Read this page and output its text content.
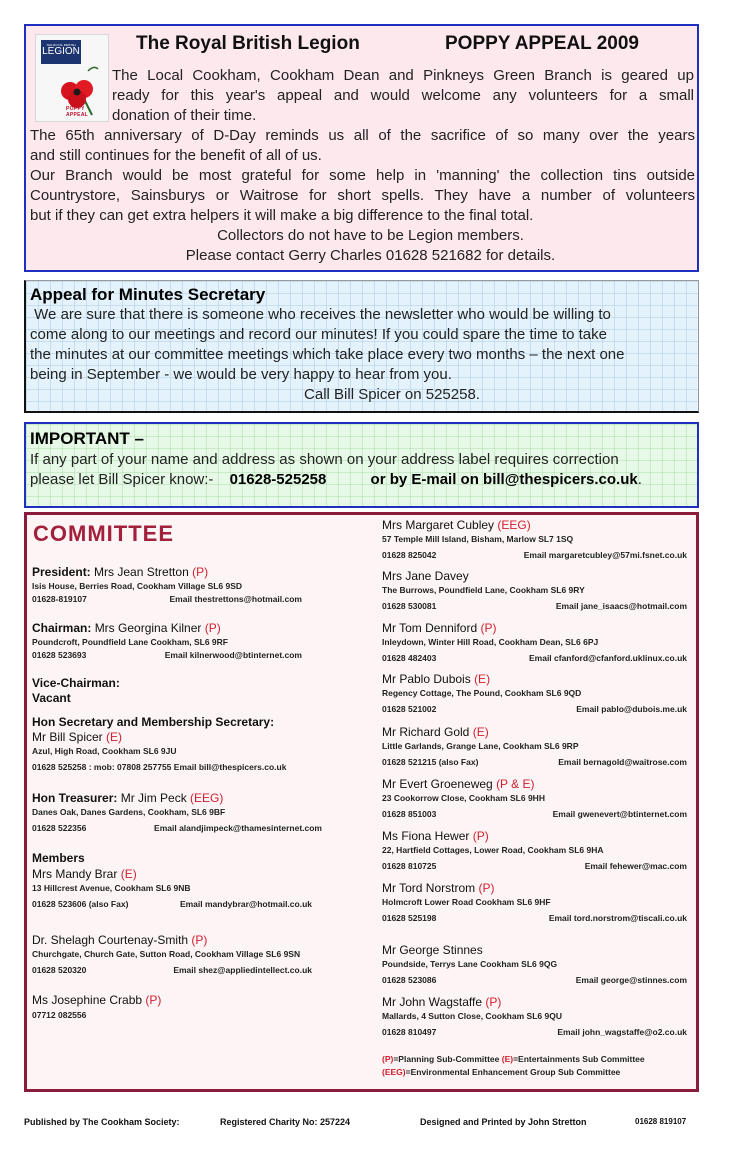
THE ROYAL BRITISH
LEGION
POPPY APPEAL
The Royal British Legion	POPPY APPEAL 2009
The Local Cookham, Cookham Dean and Pinkneys Green Branch is geared up
ready for this year's appeal and would welcome any volunteers for a small
donation of their time.
The 65th anniversary of D-Day reminds us all of the sacrifice of so many over the years
and still continues for the benefit of all of us.
Our Branch would be most grateful for some help in 'manning' the collection tins outside
Countrystore, Sainsburys or Waitrose for short spells. They have a number of volunteers
but if they can get extra helpers it will make a big difference to the final total.
Collectors do not have to be Legion members.
Please contact Gerry Charles 01628 521682 for details.
Appeal for Minutes Secretary
We are sure that there is someone who receives the newsletter who would be willing to
come along to our meetings and record our minutes! If you could spare the time to take
the minutes at our committee meetings which take place every two months – the next one
being in September - we would be very happy to hear from you.
Call Bill Spicer on 525258.
IMPORTANT –
If any part of your name and address as shown on your address label requires correction
please let Bill Spicer know:- 01628-525258	or by E-mail on bill@thespicers.co.uk.
COMMITTEE
President: Mrs Jean Stretton (P)
Isis House, Berries Road, Cookham Village SL6 9SD
01628-819107	Email thestrettons@hotmail.com
Chairman: Mrs Georgina Kilner (P)
Poundcroft, Poundfield Lane Cookham, SL6 9RF
01628 523693	Email kilnerwood@btinternet.com
Vice-Chairman:
Vacant
Hon Secretary and Membership Secretary:
Mr Bill Spicer (E)
Azul, High Road, Cookham SL6 9JU
01628 525258 : mob: 07808 257755 Email bill@thespicers.co.uk
Hon Treasurer: Mr Jim Peck (EEG)
Danes Oak, Danes Gardens, Cookham, SL6 9BF
01628 522356	Email alandjimpeck@thamesinternet.com
Members
Mrs Mandy Brar (E)
13 Hillcrest Avenue, Cookham SL6 9NB
01628 523606 (also Fax)	Email mandybrar@hotmail.co.uk
Dr. Shelagh Courtenay-Smith (P)
Churchgate, Church Gate, Sutton Road, Cookham Village SL6 9SN
01628 520320	Email shez@appliedintellect.co.uk
Ms Josephine Crabb (P)
07712 082556
Mrs Margaret Cubley (EEG)
57 Temple Mill Island, Bisham, Marlow SL7 1SQ
01628 825042	Email margaretcubley@57mi.fsnet.co.uk
Mrs Jane Davey
The Burrows, Poundfield Lane, Cookham SL6 9RY
01628 530081	Email jane_isaacs@hotmail.com
Mr Tom Denniford (P)
Inleydown, Winter Hill Road, Cookham Dean, SL6 6PJ
01628 482403	Email cfanford@cfanford.uklinux.co.uk
Mr Pablo Dubois (E)
Regency Cottage, The Pound, Cookham SL6 9QD
01628 521002	Email pablo@dubois.me.uk
Mr Richard Gold (E)
Little Garlands, Grange Lane, Cookham SL6 9RP
01628 521215 (also Fax)	Email bernagold@waitrose.com
Mr Evert Groeneweg (P & E)
23 Cookorrow Close, Cookham SL6 9HH
01628 851003	Email gwenevert@btinternet.com
Ms Fiona Hewer (P)
22, Hartfield Cottages, Lower Road, Cookham SL6 9HA
01628 810725	Email fehewer@mac.com
Mr Tord Norstrom (P)
Holmcroft Lower Road Cookham SL6 9HF
01628 525198	Email tord.norstrom@tiscali.co.uk
Mr George Stinnes
Poundside, Terrys Lane Cookham SL6 9QG
01628 523086	Email george@stinnes.com
Mr John Wagstaffe (P)
Mallards, 4 Sutton Close, Cookham SL6 9QU
01628 810497	Email john_wagstaffe@o2.co.uk
(P)=Planning Sub-Committee (E)=Entertainments Sub Committee
(EEG)=Environmental Enhancement Group Sub Committee
Published by The Cookham Society:	Registered Charity No: 257224	Designed and Printed by John Stretton	01628 819107
